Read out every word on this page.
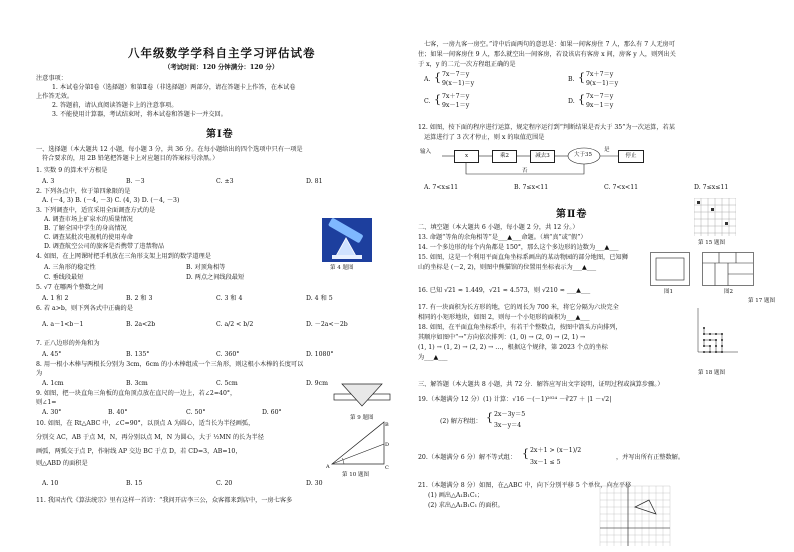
八年级数学学科自主学习评估试卷
（考试时间：120 分钟满分：120 分）
注意事项：
1. 本试卷分第Ⅰ卷（选择题）和第Ⅱ卷（非选择题）两部分，请在答题卡上作答，在本试卷
上作答无效。
2. 答题前，请认真阅读答题卡上的注意事项。
3. 不能使用计算器，考试结束时，将本试卷和答题卡一并交回。
第Ⅰ卷
一、选择题（本大题共 12 小题，每小题 3 分，共 36 分。在每小题给出的四个选项中只有一项是
符合要求的，用 2B 铅笔把答题卡上对应题目的答案标号涂黑。）
1. 实数 9 的算术平方根是
A. 3	B. －3	C. ±3	D. 81
2. 下列各点中，位于第四象限的是
A. (－4, 3) B. (－4, －3) C. (4, 3) D. (－4, －3)
3. 下列调查中，适宜采用全面调查方式的是
A. 调查市场上矿泉水的质量情况
B. 了解全国中学生的身高情况
C. 调查某批次电视机的使用寿命
D. 调查航空公司的旅客是否携带了违禁物品
4. 如图，在上网课时把手机放在三角形支架上用到的数学道理是
A. 三角形的稳定性	B. 对顶角相等
C. 垂线段最短	D. 两点之间线段最短
第 4 题图
5. √7 在哪两个整数之间
A. 1 和 2	B. 2 和 3	C. 3 和 4	D. 4 和 5
6. 若 a>b，则下列各式中正确的是
A. a－1<b－1	B. 2a<2b	C. a/2 < b/2	D. －2a<－2b
7. 正八边形的外角和为
A. 45°	B. 135°	C. 360°	D. 1080°
8. 用一根小木棒与两根长分别为 3cm，6cm 的小木棒组成一个三角形，则这根小木棒的长度可以
为
A. 1cm	B. 3cm	C. 5cm	D. 9cm
9. 如图，把一块直角三角板的直角顶点放在直尺的一边上，若∠2=40°，
则∠1=
A. 30°	B. 40°	C. 50°	D. 60°
第 9 题图
10. 如图，在 Rt△ABC 中，∠C=90°，以顶点 A 为圆心，适当长为半径画弧，
分别交 AC，AB 于点 M，N，再分别以点 M，N 为圆心，大于 ½MN 的长为半径
画弧，两弧交于点 P，作射线 AP 交边 BC 于点 D，若 CD=3，AB=10，
则△ABD 的面积是	A
B
C
D
第 10 题图
A. 10	B. 15	C. 20	D. 30
11. 我国古代《算法统宗》里有这样一首诗：“我问开店李三公，众客都来到店中，一房七客多
七客，一房九客一房空。”诗中后面两句的意思是：如果一间客房住 7 人，那么有 7 人无房可
住；如果一间客房住 9 人，那么就空出一间客房，若设该店有客房 x 间，房客 y 人，则列出关
于 x，y 的二元一次方程组正确的是
A. { 7x－7＝y
9(x－1)＝y
B. { 7x＋7＝y
9(x－1)＝y
C. { 7x＋7＝y
9x－1＝y
D. { 7x－7＝y
9x－1＝y
12. 如图，按下面的程序进行运算，规定程序运行到“判断结果是否大于 35”为一次运算，若某
运算进行了 3 次才停止，则 x 的取值范围是
输入
x	乘2	减去3	大于35
是
停止
否
A. 7<x≤11	B. 7≤x<11	C. 7<x<11	D. 7≤x≤11
第Ⅱ卷
二、填空题（本大题共 6 小题，每小题 2 分，共 12 分。）
13. 命题“等角的余角相等”是___▲___命题。（填“真”或“假”）
14. 一个多边形的每个内角都是 150°，那么这个多边形的边数为___▲___
15. 如图，这是一个利用平面直角坐标系画出的某动物园的部分地图，已知狮
山的坐标是 (－2, 2)，则图中熊猫馆的位置用坐标表示为___▲___
第 15 题图
16. 已知 √21 ≈ 1.449，√21 ≈ 4.573，则 √210 ≈ ___▲___
17. 有一块面积为长方形的地，它的周长为 700 米，将它分隔为六块完全
相同的小矩形地块，如图 2，则每一个小矩形的面积为___▲___
图1	图2
第 17 题图
18. 如图，在平面直角坐标系中，有若干个整数点，按图中箭头方向排列，
其顺序如图中“→”方向依次排列：(1, 0) → (2, 0) → (2, 1) →
(1, 1) → (1, 2) → (2, 2) → …，根据这个规律，第 2023 个点的坐标
为___▲___
第 18 题图
三、解答题（本大题共 8 小题，共 72 分．解答应写出文字说明，证明过程或演算步骤。）
19.（本题满分 12 分）(1) 计算：√16 －(－1)²⁰²⁴ －∛27 ＋ |1 －√2|
(2) 解方程组： { 2x－3y＝5
3x－y＝4
20.（本题满分 6 分）解不等式组： { 2x＋1 > (x－1)/2
3x－1 ≤ 5
，并写出所有正整数解。
21.（本题满分 8 分）如图，在△ABC 中，向下分别平移 5 个单位，向左平移
(1) 画出△A₁B₁C₁；
(2) 求出△A₁B₁C₁ 的面积。
